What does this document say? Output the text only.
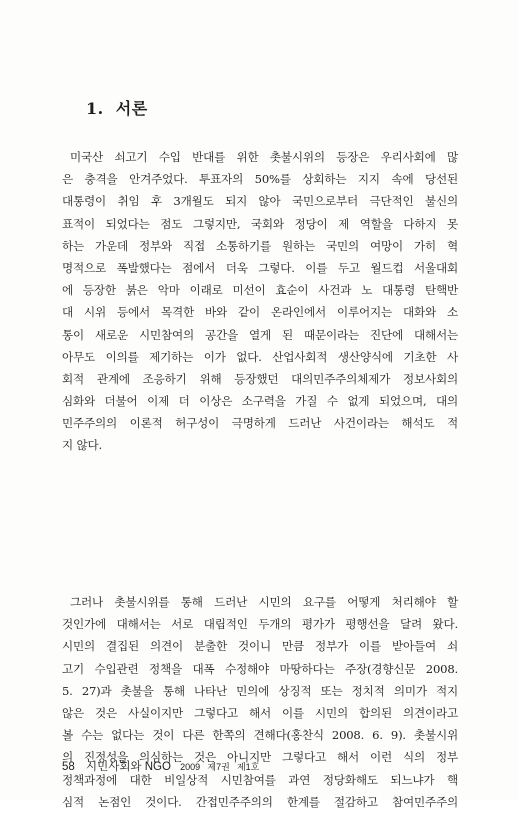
1. 서론
미국산 쇠고기 수입 반대를 위한 촛불시위의 등장은 우리사회에 많
은 충격을 안겨주었다. 투표자의 50%를 상회하는 지지 속에 당선된
대통령이 취임 후 3개월도 되지 않아 국민으로부터 극단적인 불신의
표적이 되었다는 점도 그렇지만, 국회와 정당이 제 역할을 다하지 못
하는 가운데 정부와 직접 소통하기를 원하는 국민의 여망이 가히 혁
명적으로 폭발했다는 점에서 더욱 그렇다. 이를 두고 월드컵 서울대회
에 등장한 붉은 악마 이래로 미선이 효순이 사건과 노 대통령 탄핵반
대 시위 등에서 목격한 바와 같이 온라인에서 이루어지는 대화와 소
통이 새로운 시민참여의 공간을 열게 된 때문이라는 진단에 대해서는
아무도 이의를 제기하는 이가 없다. 산업사회적 생산양식에 기초한 사
회적 관계에 조응하기 위해 등장했던 대의민주주의체제가 정보사회의
심화와 더불어 이제 더 이상은 소구력을 가질 수 없게 되었으며, 대의
민주주의의 이론적 허구성이 극명하게 드러난 사건이라는 해석도 적
지 않다.
그러나 촛불시위를 통해 드러난 시민의 요구를 어떻게 처리해야 할
것인가에 대해서는 서로 대립적인 두개의 평가가 평행선을 달려 왔다.
시민의 결집된 의견이 분출한 것이니 만큼 정부가 이를 받아들여 쇠
고기 수입관련 정책을 대폭 수정해야 마땅하다는 주장(경향신문 2008.
5. 27)과 촛불을 통해 나타난 민의에 상징적 또는 정치적 의미가 적지
않은 것은 사실이지만 그렇다고 해서 이를 시민의 합의된 의견이라고
볼 수는 없다는 것이 다른 한쪽의 견해다(홍찬식 2008. 6. 9). 촛불시위
의 진정성을 의심하는 것은 아니지만 그렇다고 해서 이런 식의 정부
정책과정에 대한 비일상적 시민참여를 과연 정당화해도 되느냐가 핵
심적 논점인 것이다. 간접민주주의의 한계를 절감하고 참여민주주의
58 시민사회와 NGO 2009 제7권 제1호
